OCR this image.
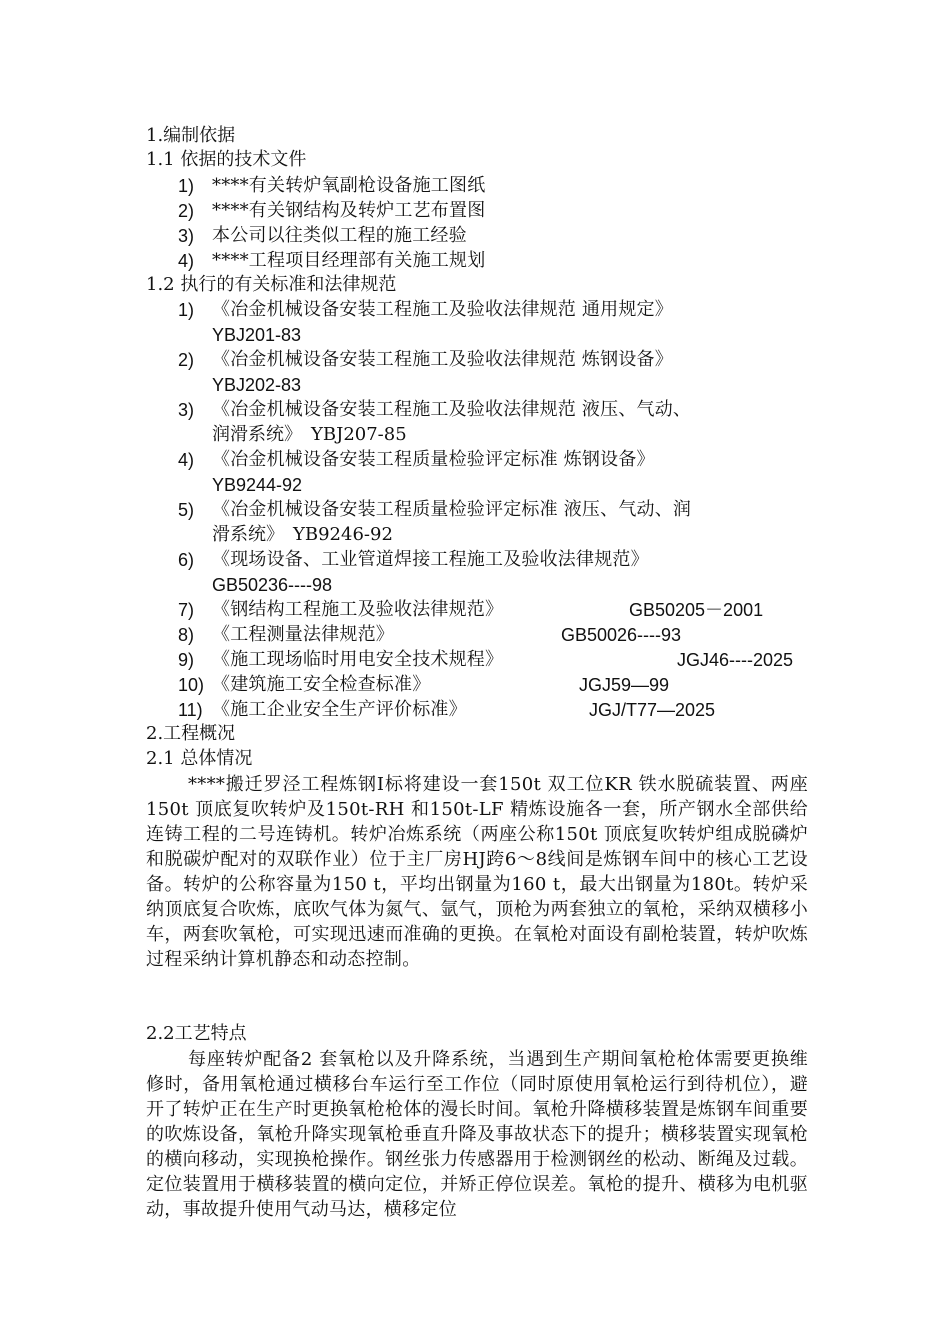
1.编制依据
1.1 依据的技术文件
1) ****有关转炉氧副枪设备施工图纸
2) ****有关钢结构及转炉工艺布置图
3) 本公司以往类似工程的施工经验
4) ****工程项目经理部有关施工规划
1.2 执行的有关标准和法律规范
1) 《冶金机械设备安装工程施工及验收法律规范 通用规定》
YBJ201-83
2) 《冶金机械设备安装工程施工及验收法律规范 炼钢设备》
YBJ202-83
3) 《冶金机械设备安装工程施工及验收法律规范 液压、气动、
润滑系统》　YBJ207-85
4) 《冶金机械设备安装工程质量检验评定标准 炼钢设备》
YB9244-92
5) 《冶金机械设备安装工程质量检验评定标准 液压、气动、润
滑系统》　YB9246-92
6) 《现场设备、工业管道焊接工程施工及验收法律规范》
GB50236----98
7) 《钢结构工程施工及验收法律规范》	GB50205－2001
8) 《工程测量法律规范》	GB50026----93
9) 《施工现场临时用电安全技术规程》	JGJ46----2025
10) 《建筑施工安全检查标准》	JGJ59—99
11) 《施工企业安全生产评价标准》	JGJ/T77—2025
2.工程概况
2.1 总体情况
****搬迁罗泾工程炼钢I标将建设一套150t 双工位KR 铁水脱硫装置、两座150t 顶底复吹转炉及150t-RH 和150t-LF 精炼设施各一套，所产钢水全部供给连铸工程的二号连铸机。转炉冶炼系统（两座公称150t 顶底复吹转炉组成脱磷炉和脱碳炉配对的双联作业）位于主厂房HJ跨6～8线间是炼钢车间中的核心工艺设备。转炉的公称容量为150 t，平均出钢量为160 t，最大出钢量为180t。转炉采纳顶底复合吹炼，底吹气体为氮气、氩气，顶枪为两套独立的氧枪，采纳双横移小车，两套吹氧枪，可实现迅速而准确的更换。在氧枪对面设有副枪装置，转炉吹炼过程采纳计算机静态和动态控制。
2.2工艺特点
每座转炉配备2 套氧枪以及升降系统，当遇到生产期间氧枪枪体需要更换维修时，备用氧枪通过横移台车运行至工作位（同时原使用氧枪运行到待机位），避开了转炉正在生产时更换氧枪枪体的漫长时间。氧枪升降横移装置是炼钢车间重要的吹炼设备，氧枪升降实现氧枪垂直升降及事故状态下的提升；横移装置实现氧枪的横向移动，实现换枪操作。钢丝张力传感器用于检测钢丝的松动、断绳及过载。定位装置用于横移装置的横向定位，并矫正停位误差。氧枪的提升、横移为电机驱动，事故提升使用气动马达，横移定位
